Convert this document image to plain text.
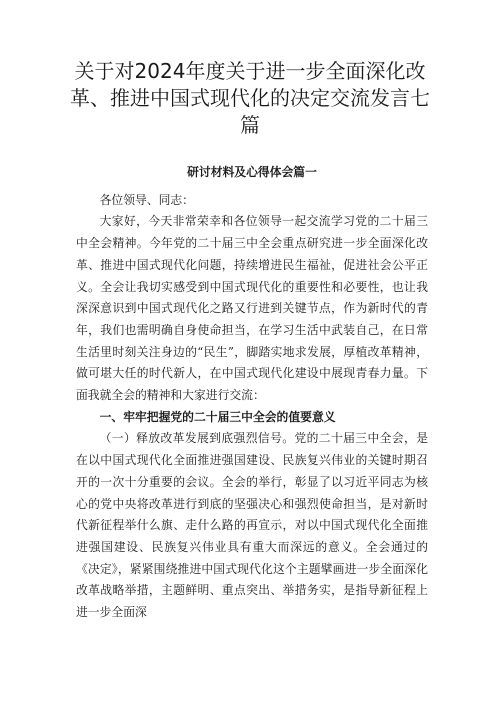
关于对2024年度关于进一步全面深化改革、推进中国式现代化的决定交流发言七篇

研讨材料及心得体会篇一

各位领导、同志：

大家好，今天非常荣幸和各位领导一起交流学习党的二十届三中全会精神。今年党的二十届三中全会重点研究进一步全面深化改革、推进中国式现代化问题，持续增进民生福祉，促进社会公平正义。全会让我切实感受到中国式现代化的重要性和必要性，也让我深深意识到中国式现代化之路又行进到关键节点，作为新时代的青年，我们也需明确自身使命担当，在学习生活中武装自己，在日常生活里时刻关注身边的“民生”，脚踏实地求发展，厚植改革精神，做可堪大任的时代新人，在中国式现代化建设中展现青春力量。下面我就全会的精神和大家进行交流：

一、牢牢把握党的二十届三中全会的值要意义

（一）释放改革发展到底强烈信号。党的二十届三中全会，是在以中国式现代化全面推进强国建设、民族复兴伟业的关键时期召开的一次十分重要的会议。全会的举行，彰显了以习近平同志为核心的党中央将改革进行到底的坚强决心和强烈使命担当，是对新时代新征程举什么旗、走什么路的再宣示，对以中国式现代化全面推进强国建设、民族复兴伟业具有重大而深远的意义。全会通过的《决定》，紧紧围绕推进中国式现代化这个主题擘画进一步全面深化改革战略举措，主题鲜明、重点突出、举措务实，是指导新征程上进一步全面深
